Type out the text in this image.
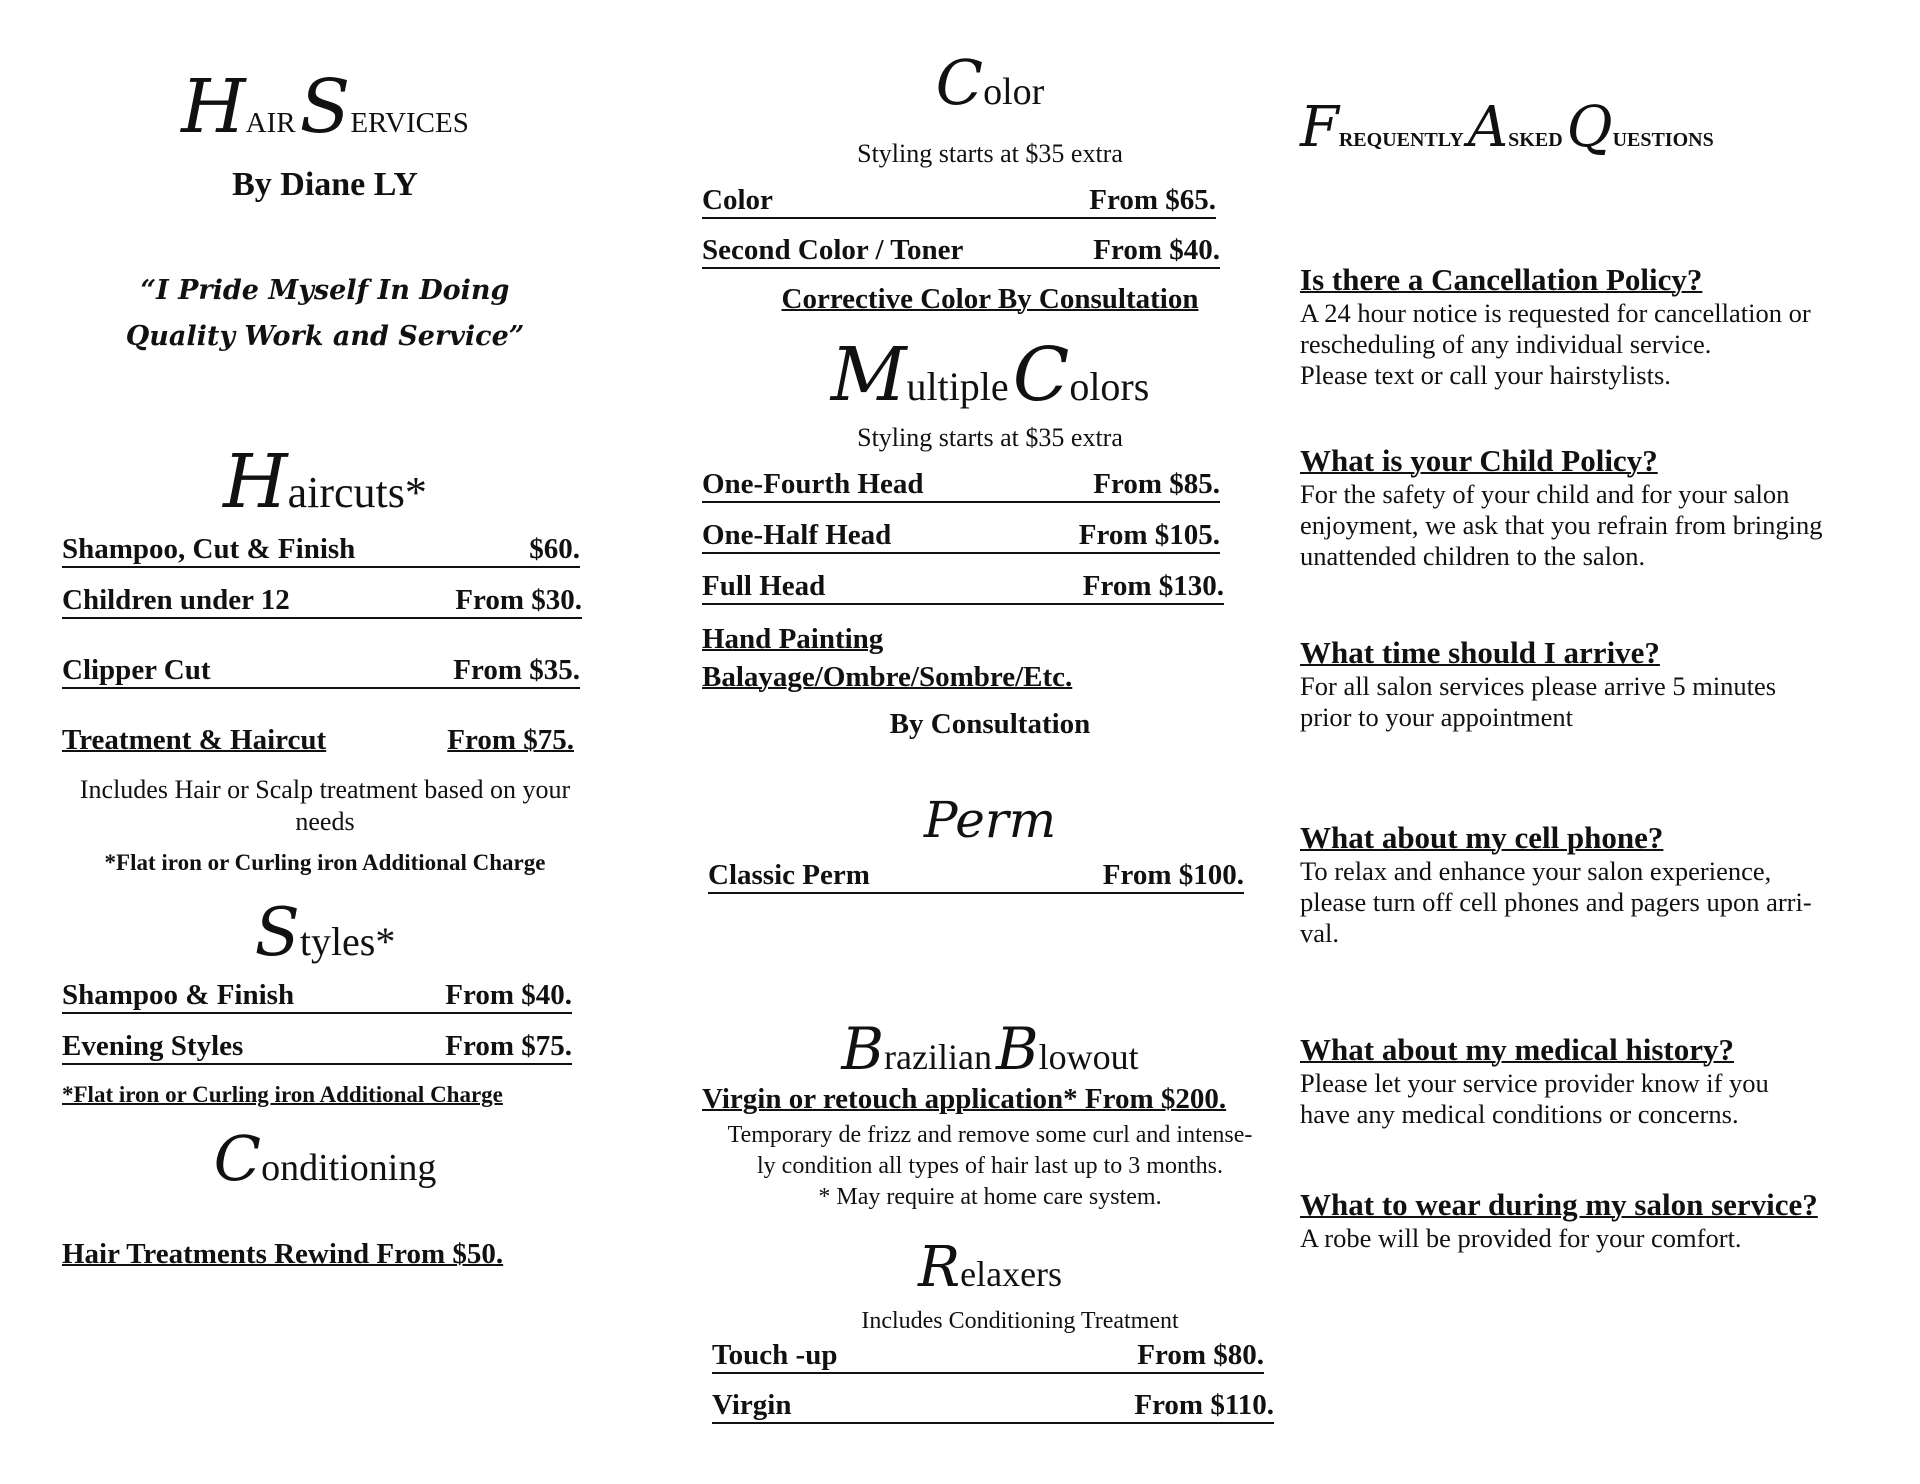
Hair Services
By Diane LY
“I Pride Myself In Doing
Quality Work and Service”
Haircuts*
Shampoo, Cut & Finish	$60.
Children under 12	From $30.
Clipper Cut	From $35.
Treatment & Haircut	From $75.
Includes Hair or Scalp treatment based on your needs
*Flat iron or Curling iron Additional Charge
Styles*
Shampoo & Finish	From $40.
Evening Styles	From $75.
*Flat iron or Curling iron Additional Charge
Conditioning
Hair Treatments Rewind From $50.
Color
Styling starts at $35 extra
Color	From $65.
Second Color / Toner	From $40.
Corrective Color By Consultation
Multiple Colors
Styling starts at $35 extra
One-Fourth Head	From $85.
One-Half Head	From $105.
Full Head	From $130.
Hand Painting
Balayage/Ombre/Sombre/Etc.
By Consultation
Perm
Classic Perm	From $100.
Brazilian Blowout
Virgin or retouch application* From $200.
Temporary de frizz and remove some curl and intense-
ly condition all types of hair last up to 3 months.
* May require at home care system.
Relaxers
Includes Conditioning Treatment
Touch -up	From $80.
Virgin	From $110.
Frequently Asked Questions
Is there a Cancellation Policy?
A 24 hour notice is requested for cancellation or
rescheduling of any individual service.
Please text or call your hairstylists.
What is your Child Policy?
For the safety of your child and for your salon
enjoyment, we ask that you refrain from bringing
unattended children to the salon.
What time should I arrive?
For all salon services please arrive 5 minutes
prior to your appointment
What about my cell phone?
To relax and enhance your salon experience,
please turn off cell phones and pagers upon arri-
val.
What about my medical history?
Please let your service provider know if you
have any medical conditions or concerns.
What to wear during my salon service?
A robe will be provided for your comfort.
